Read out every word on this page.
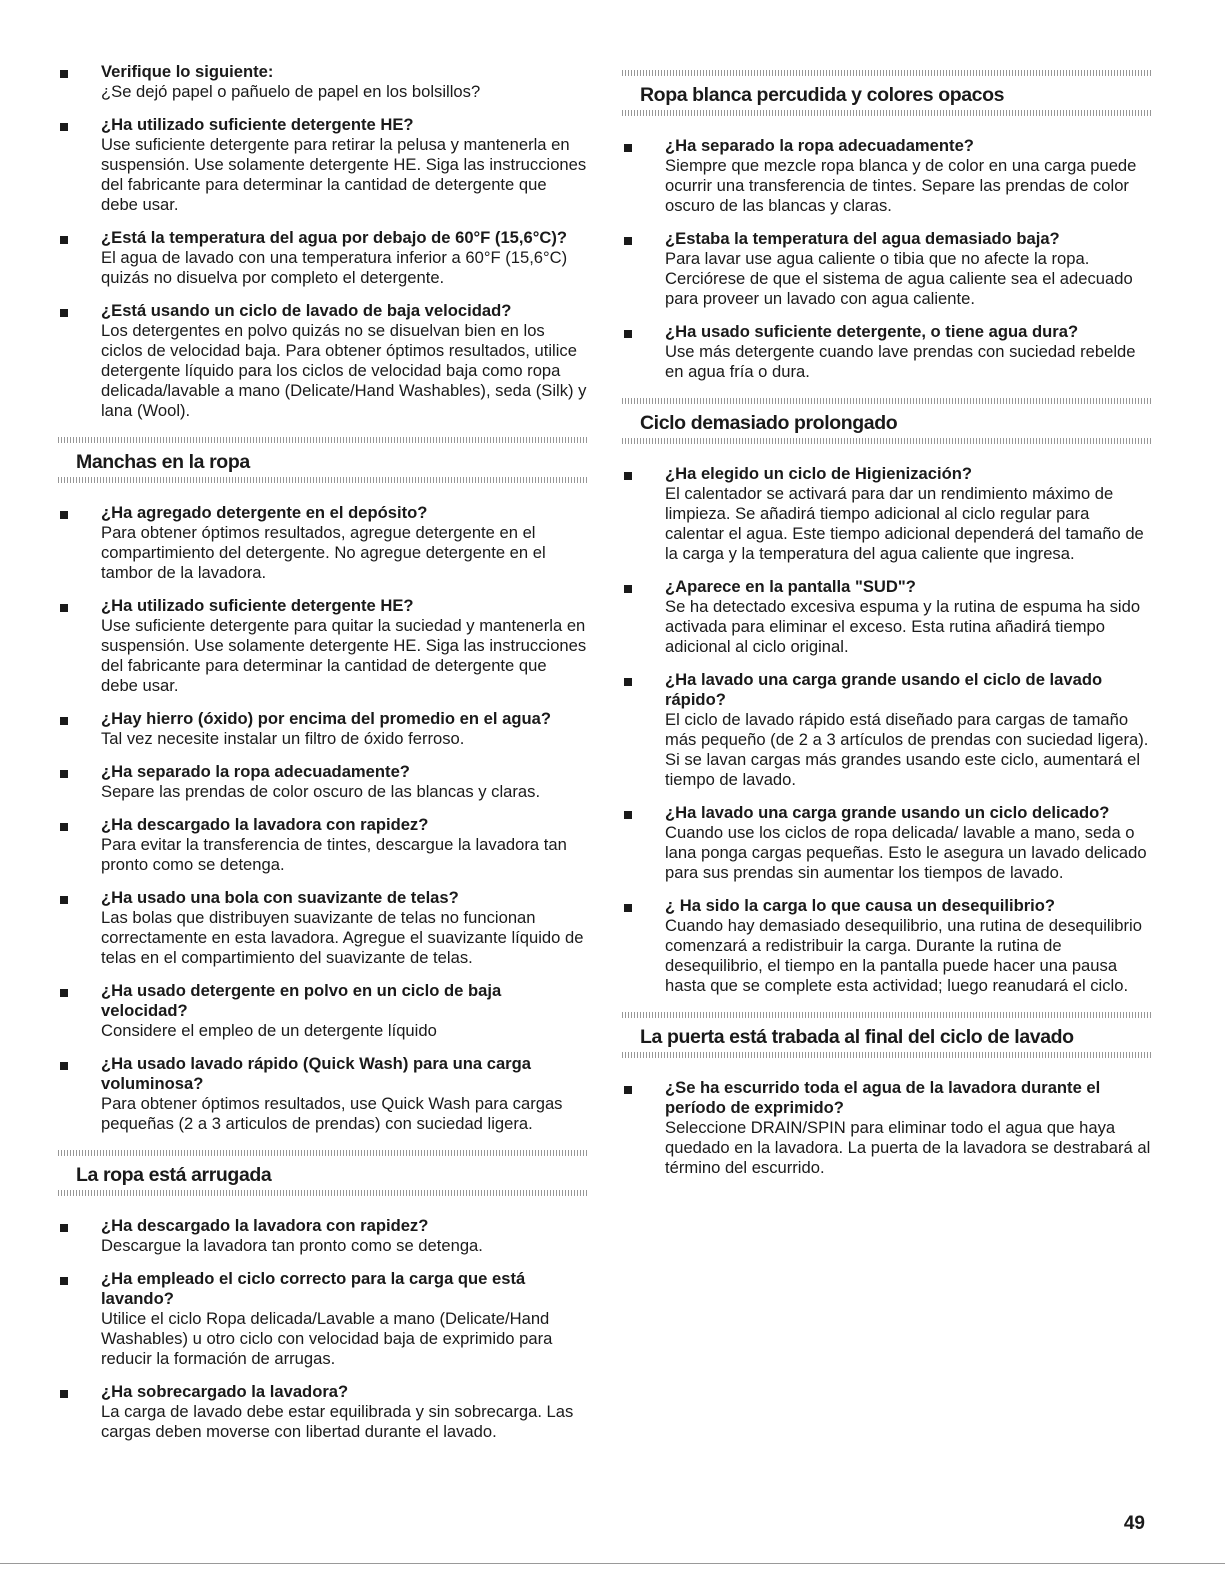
Verifique lo siguiente:
¿Se dejó papel o pañuelo de papel en los bolsillos?
¿Ha utilizado suficiente detergente HE?
Use suficiente detergente para retirar la pelusa y mantenerla en suspensión. Use solamente detergente HE. Siga las instrucciones del fabricante para determinar la cantidad de detergente que debe usar.
¿Está la temperatura del agua por debajo de 60°F (15,6°C)?
El agua de lavado con una temperatura inferior a 60°F (15,6°C) quizás no disuelva por completo el detergente.
¿Está usando un ciclo de lavado de baja velocidad?
Los detergentes en polvo quizás no se disuelvan bien en los ciclos de velocidad baja. Para obtener óptimos resultados, utilice detergente líquido para los ciclos de velocidad baja como ropa delicada/lavable a mano (Delicate/Hand Washables), seda (Silk) y lana (Wool).
Manchas en la ropa
¿Ha agregado detergente en el depósito?
Para obtener óptimos resultados, agregue detergente en el compartimiento del detergente. No agregue detergente en el tambor de la lavadora.
¿Ha utilizado suficiente detergente HE?
Use suficiente detergente para quitar la suciedad y mantenerla en suspensión. Use solamente detergente HE. Siga las instrucciones del fabricante para determinar la cantidad de detergente que debe usar.
¿Hay hierro (óxido) por encima del promedio en el agua?
Tal vez necesite instalar un filtro de óxido ferroso.
¿Ha separado la ropa adecuadamente?
Separe las prendas de color oscuro de las blancas y claras.
¿Ha descargado la lavadora con rapidez?
Para evitar la transferencia de tintes, descargue la lavadora tan pronto como se detenga.
¿Ha usado una bola con suavizante de telas?
Las bolas que distribuyen suavizante de telas no funcionan correctamente en esta lavadora. Agregue el suavizante líquido de telas en el compartimiento del suavizante de telas.
¿Ha usado detergente en polvo en un ciclo de baja velocidad?
Considere el empleo de un detergente líquido
¿Ha usado lavado rápido (Quick Wash) para una carga voluminosa?
Para obtener óptimos resultados, use Quick Wash para cargas pequeñas (2 a 3 articulos de prendas) con suciedad ligera.
La ropa está arrugada
¿Ha descargado la lavadora con rapidez?
Descargue la lavadora tan pronto como se detenga.
¿Ha empleado el ciclo correcto para la carga que está lavando?
Utilice el ciclo Ropa delicada/Lavable a mano (Delicate/Hand Washables) u otro ciclo con velocidad baja de exprimido para reducir la formación de arrugas.
¿Ha sobrecargado la lavadora?
La carga de lavado debe estar equilibrada y sin sobrecarga. Las cargas deben moverse con libertad durante el lavado.
Ropa blanca percudida y colores opacos
¿Ha separado la ropa adecuadamente?
Siempre que mezcle ropa blanca y de color en una carga puede ocurrir una transferencia de tintes. Separe las prendas de color oscuro de las blancas y claras.
¿Estaba la temperatura del agua demasiado baja?
Para lavar use agua caliente o tibia que no afecte la ropa. Cerciórese de que el sistema de agua caliente sea el adecuado para proveer un lavado con agua caliente.
¿Ha usado suficiente detergente, o tiene agua dura?
Use más detergente cuando lave prendas con suciedad rebelde en agua fría o dura.
Ciclo demasiado prolongado
¿Ha elegido un ciclo de Higienización?
El calentador se activará para dar un rendimiento máximo de limpieza. Se añadirá tiempo adicional al ciclo regular para calentar el agua. Este tiempo adicional dependerá del tamaño de la carga y la temperatura del agua caliente que ingresa.
¿Aparece en la pantalla "SUD"?
Se ha detectado excesiva espuma y la rutina de espuma ha sido activada para eliminar el exceso. Esta rutina añadirá tiempo adicional al ciclo original.
¿Ha lavado una carga grande usando el ciclo de lavado rápido?
El ciclo de lavado rápido está diseñado para cargas de tamaño más pequeño (de 2 a 3 artículos de prendas con suciedad ligera). Si se lavan cargas más grandes usando este ciclo, aumentará el tiempo de lavado.
¿Ha lavado una carga grande usando un ciclo delicado?
Cuando use los ciclos de ropa delicada/ lavable a mano, seda o lana ponga cargas pequeñas. Esto le asegura un lavado delicado para sus prendas sin aumentar los tiempos de lavado.
¿ Ha sido la carga lo que causa un desequilibrio?
Cuando hay demasiado desequilibrio, una rutina de desequilibrio comenzará a redistribuir la carga. Durante la rutina de desequilibrio, el tiempo en la pantalla puede hacer una pausa hasta que se complete esta actividad; luego reanudará el ciclo.
La puerta está trabada al final del ciclo de lavado
¿Se ha escurrido toda el agua de la lavadora durante el período de exprimido?
Seleccione DRAIN/SPIN para eliminar todo el agua que haya quedado en la lavadora. La puerta de la lavadora se destrabará al término del escurrido.
49
